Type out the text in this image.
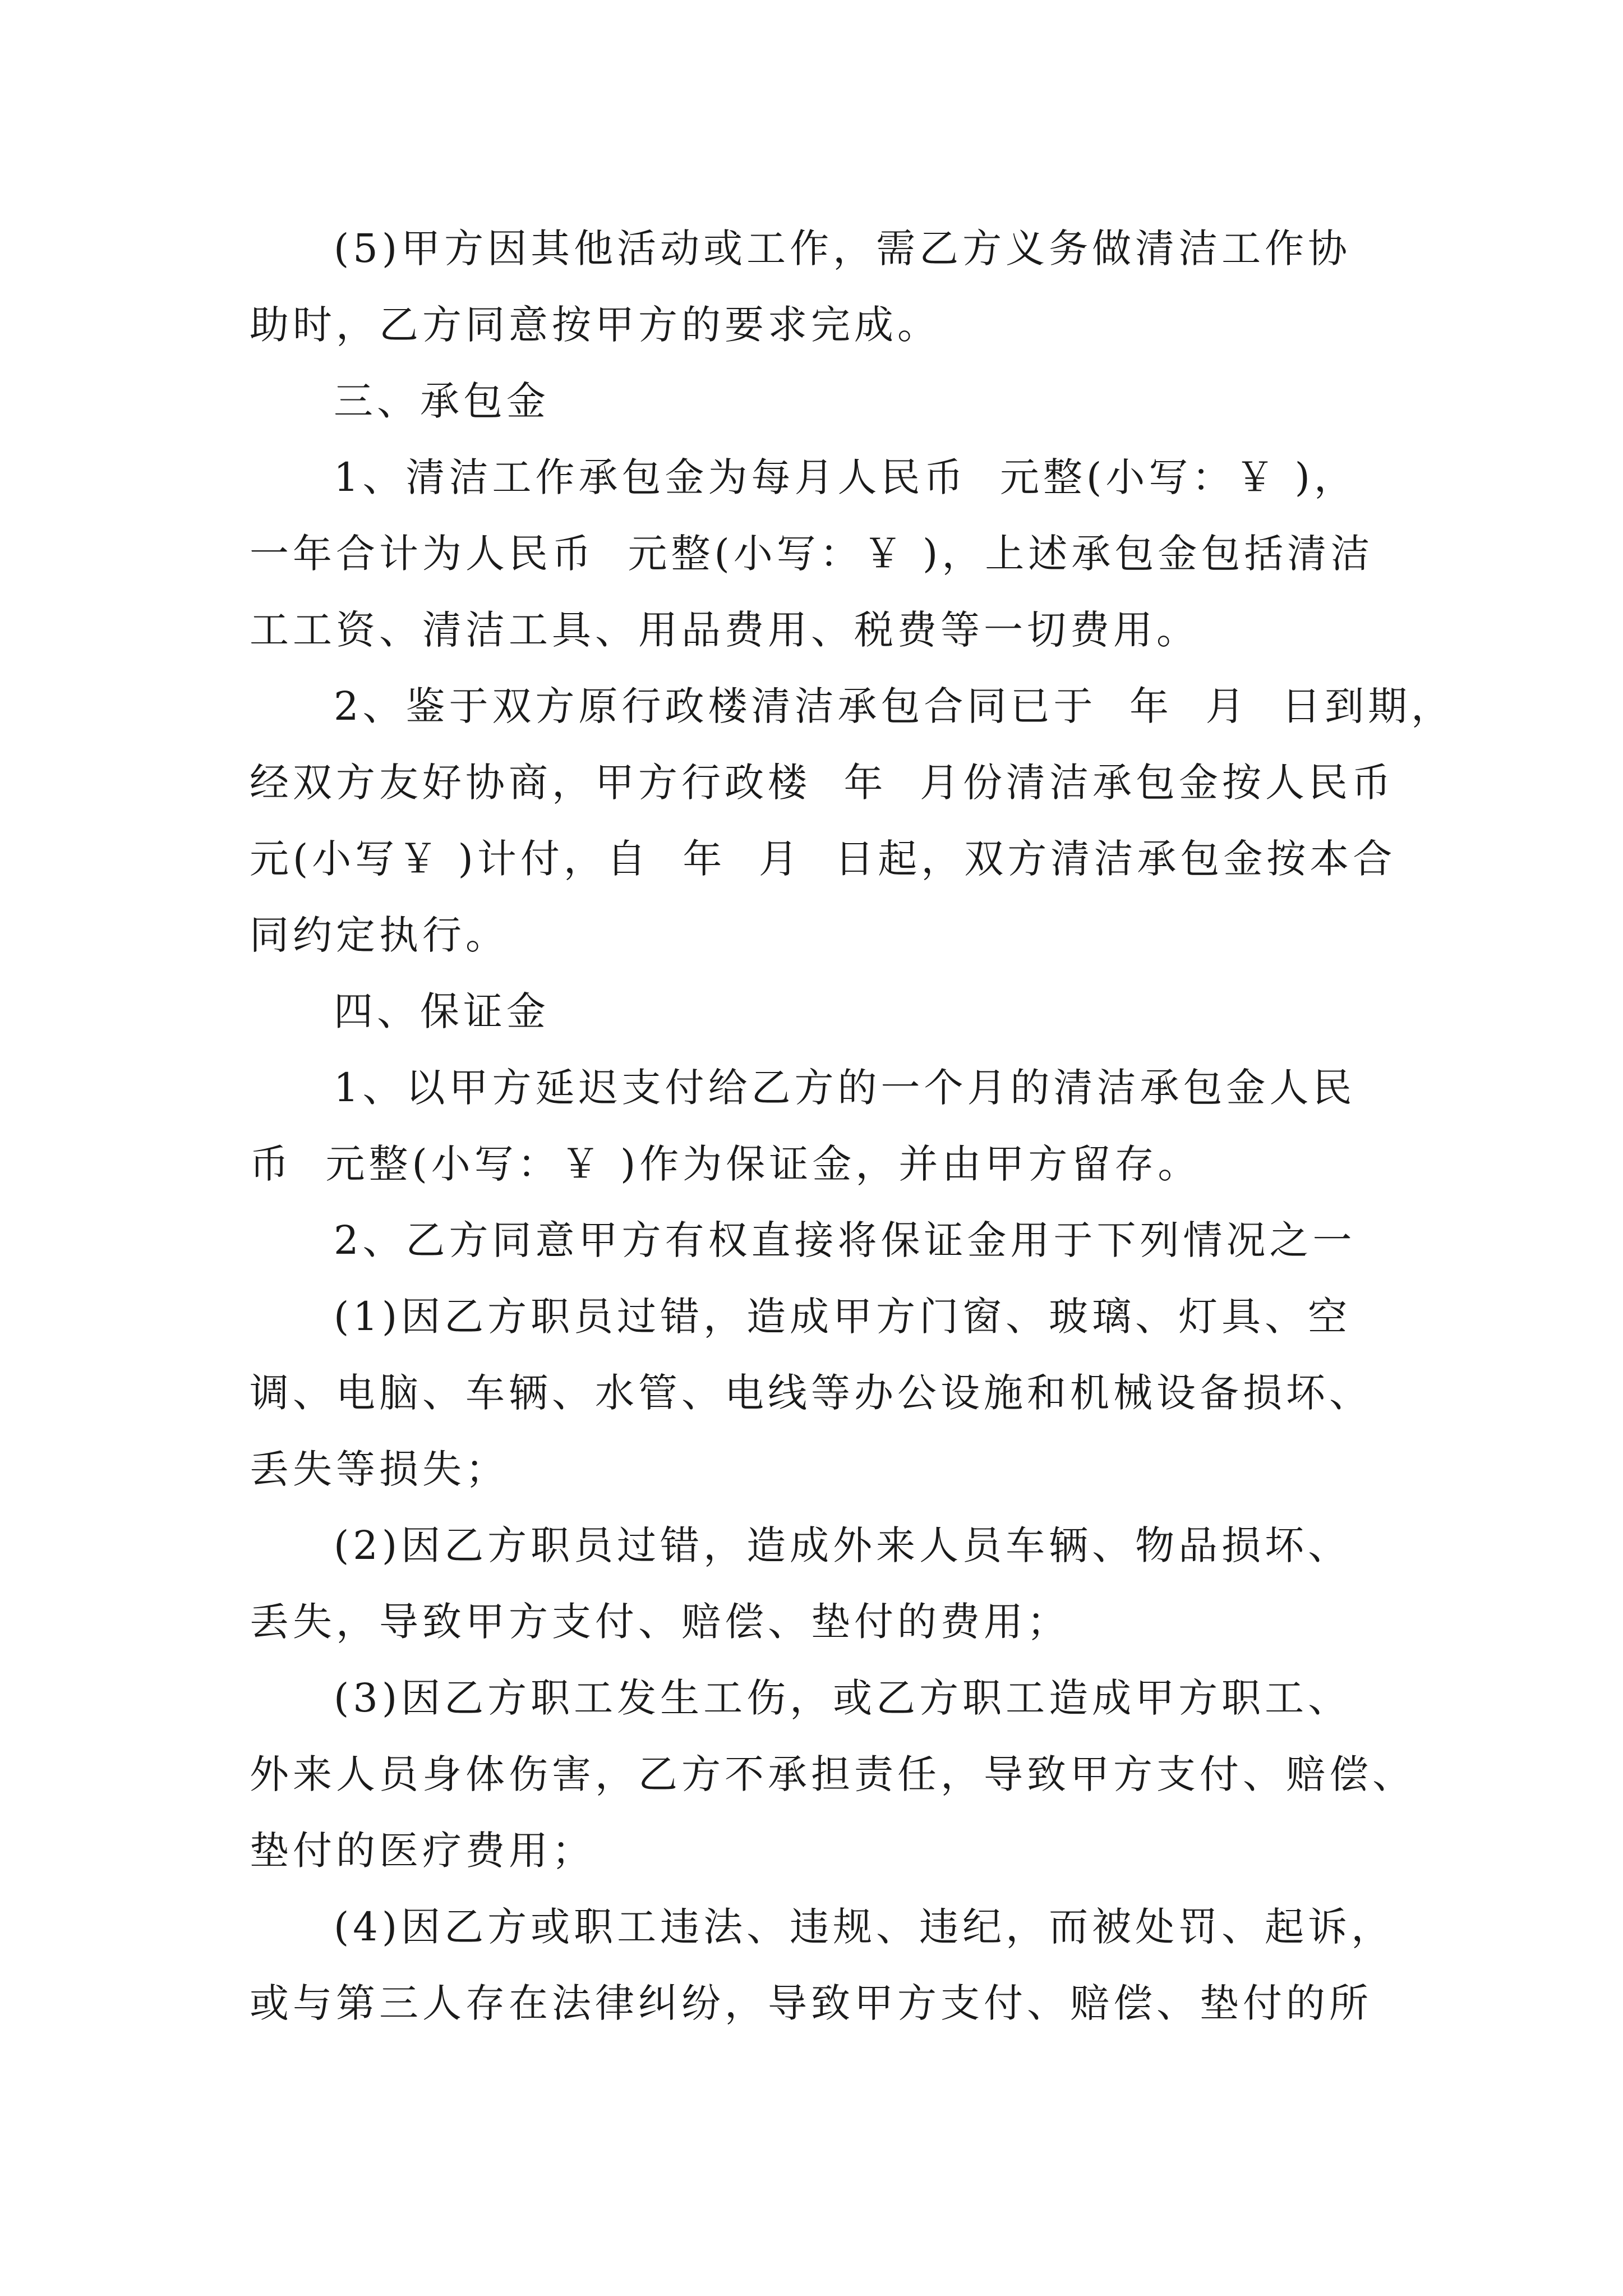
(5)甲方因其他活动或工作，需乙方义务做清洁工作协
助时，乙方同意按甲方的要求完成。
三、承包金
1、清洁工作承包金为每月人民币  元整(小写：￥ )，
一年合计为人民币  元整(小写：￥ )，上述承包金包括清洁
工工资、清洁工具、用品费用、税费等一切费用。
2、鉴于双方原行政楼清洁承包合同已于  年  月  日到期，
经双方友好协商，甲方行政楼  年  月份清洁承包金按人民币
元(小写￥ )计付，自  年  月  日起，双方清洁承包金按本合
同约定执行。
四、保证金
1、以甲方延迟支付给乙方的一个月的清洁承包金人民
币  元整(小写：￥ )作为保证金，并由甲方留存。
2、乙方同意甲方有权直接将保证金用于下列情况之一
(1)因乙方职员过错，造成甲方门窗、玻璃、灯具、空
调、电脑、车辆、水管、电线等办公设施和机械设备损坏、
丢失等损失；
(2)因乙方职员过错，造成外来人员车辆、物品损坏、
丢失，导致甲方支付、赔偿、垫付的费用；
(3)因乙方职工发生工伤，或乙方职工造成甲方职工、
外来人员身体伤害，乙方不承担责任，导致甲方支付、赔偿、
垫付的医疗费用；
(4)因乙方或职工违法、违规、违纪，而被处罚、起诉，
或与第三人存在法律纠纷，导致甲方支付、赔偿、垫付的所
